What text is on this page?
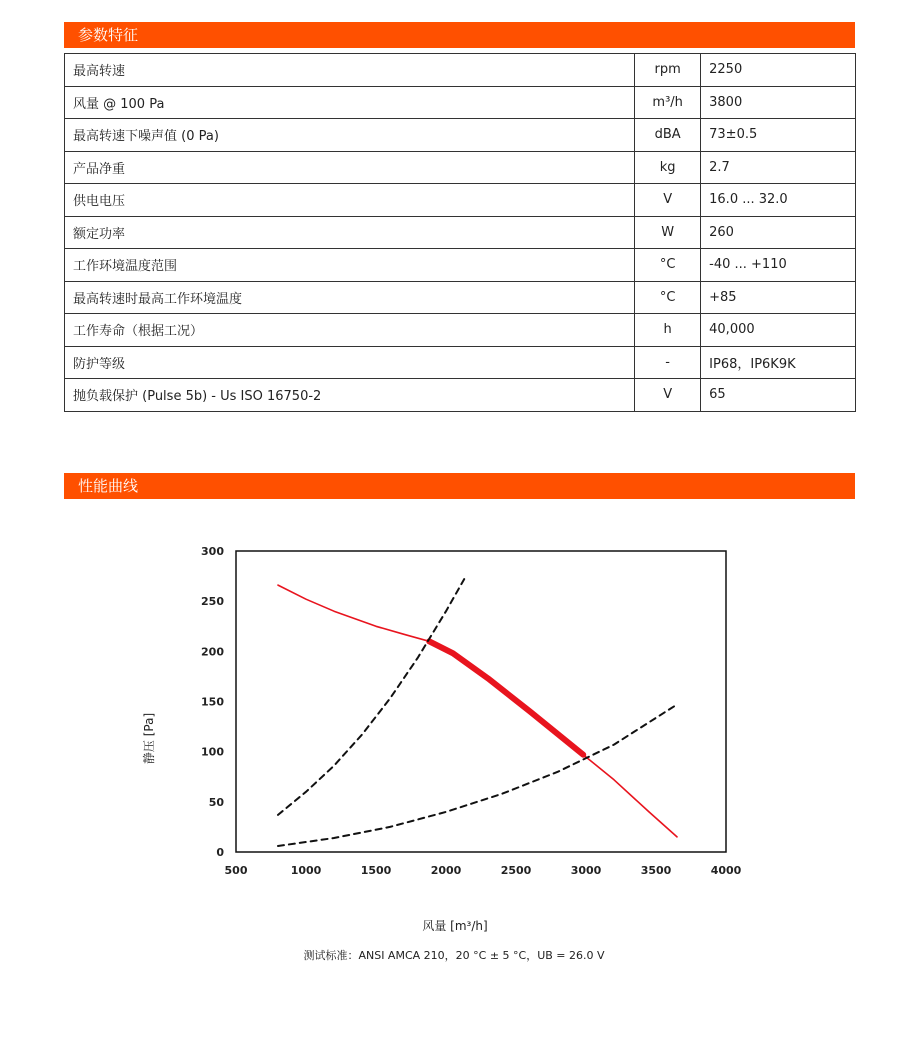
参数特征
最高转速	rpm	2250
风量 @ 100 Pa	m³/h	3800
最高转速下噪声值 (0 Pa)	dBA	73±0.5
产品净重	kg	2.7
供电电压	V	16.0 ... 32.0
额定功率	W	260
工作环境温度范围	°C	-40 ... +110
最高转速时最高工作环境温度	°C	+85
工作寿命（根据工况）	h	40,000
防护等级	-	IP68，IP6K9K
抛负载保护 (Pulse 5b) - Us ISO 16750-2	V	65
性能曲线
500	1000	1500	2000	2500	3000	3500	4000
0
50
100
150
200
250
300
风量 [m³/h]
静压 [Pa]
测试标准：ANSI AMCA 210，20 °C ± 5 °C，UB = 26.0 V
